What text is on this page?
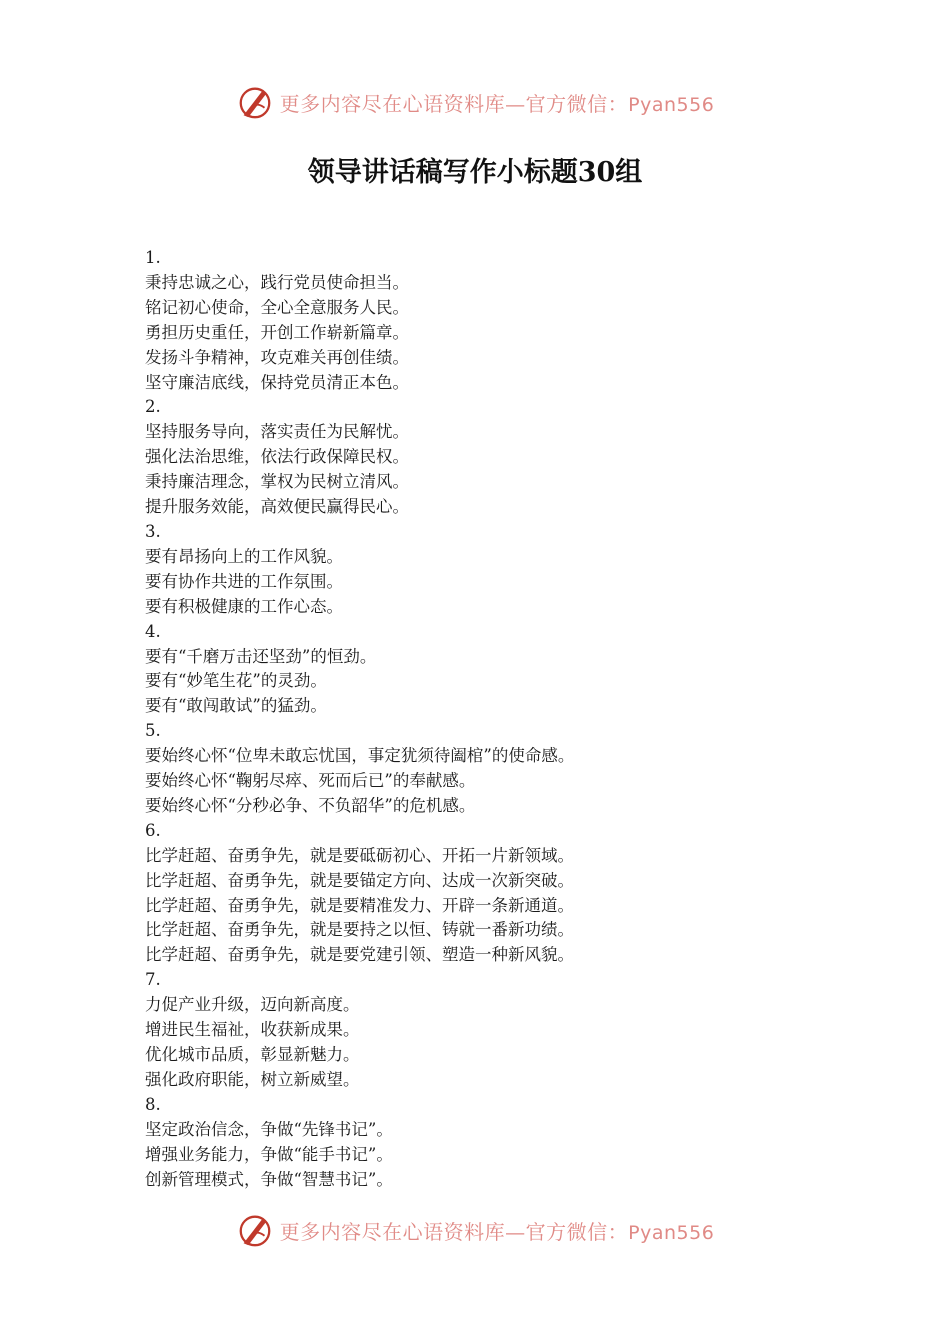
更多内容尽在心语资料库—官方微信：Pyan556
领导讲话稿写作小标题30组
1.
秉持忠诚之心，践行党员使命担当。
铭记初心使命，全心全意服务人民。
勇担历史重任，开创工作崭新篇章。
发扬斗争精神，攻克难关再创佳绩。
坚守廉洁底线，保持党员清正本色。
2.
坚持服务导向，落实责任为民解忧。
强化法治思维，依法行政保障民权。
秉持廉洁理念，掌权为民树立清风。
提升服务效能，高效便民赢得民心。
3.
要有昂扬向上的工作风貌。
要有协作共进的工作氛围。
要有积极健康的工作心态。
4.
要有“千磨万击还坚劲”的恒劲。
要有“妙笔生花”的灵劲。
要有“敢闯敢试”的猛劲。
5.
要始终心怀“位卑未敢忘忧国，事定犹须待阖棺”的使命感。
要始终心怀“鞠躬尽瘁、死而后已”的奉献感。
要始终心怀“分秒必争、不负韶华”的危机感。
6.
比学赶超、奋勇争先，就是要砥砺初心、开拓一片新领域。
比学赶超、奋勇争先，就是要锚定方向、达成一次新突破。
比学赶超、奋勇争先，就是要精准发力、开辟一条新通道。
比学赶超、奋勇争先，就是要持之以恒、铸就一番新功绩。
比学赶超、奋勇争先，就是要党建引领、塑造一种新风貌。
7.
力促产业升级，迈向新高度。
增进民生福祉，收获新成果。
优化城市品质，彰显新魅力。
强化政府职能，树立新威望。
8.
坚定政治信念，争做“先锋书记”。
增强业务能力，争做“能手书记”。
创新管理模式，争做“智慧书记”。
更多内容尽在心语资料库—官方微信：Pyan556
